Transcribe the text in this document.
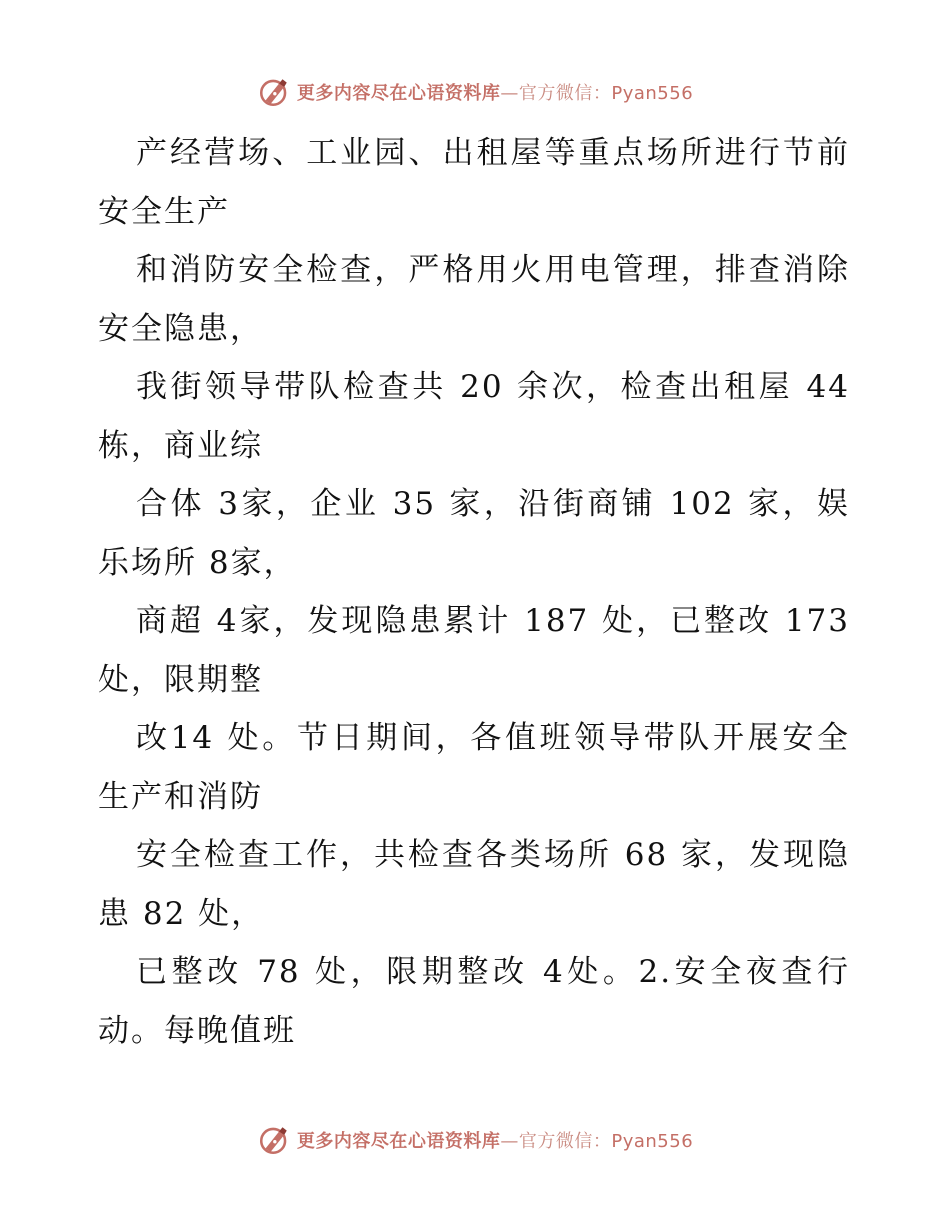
更多内容尽在心语资料库—官方微信：Pyan556

产经营场、工业园、出租屋等重点场所进行节前安全生产

和消防安全检查，严格用火用电管理，排查消除安全隐患，

我街领导带队检查共 20 余次，检查出租屋 44栋，商业综

合体 3家，企业 35 家，沿街商铺 102 家，娱乐场所 8家，

商超 4家，发现隐患累计 187 处，已整改 173处，限期整

改14 处。节日期间，各值班领导带队开展安全生产和消防

安全检查工作，共检查各类场所 68 家，发现隐患 82 处，

已整改 78 处，限期整改 4处。2.安全夜查行动。每晚值班

更多内容尽在心语资料库—官方微信：Pyan556
